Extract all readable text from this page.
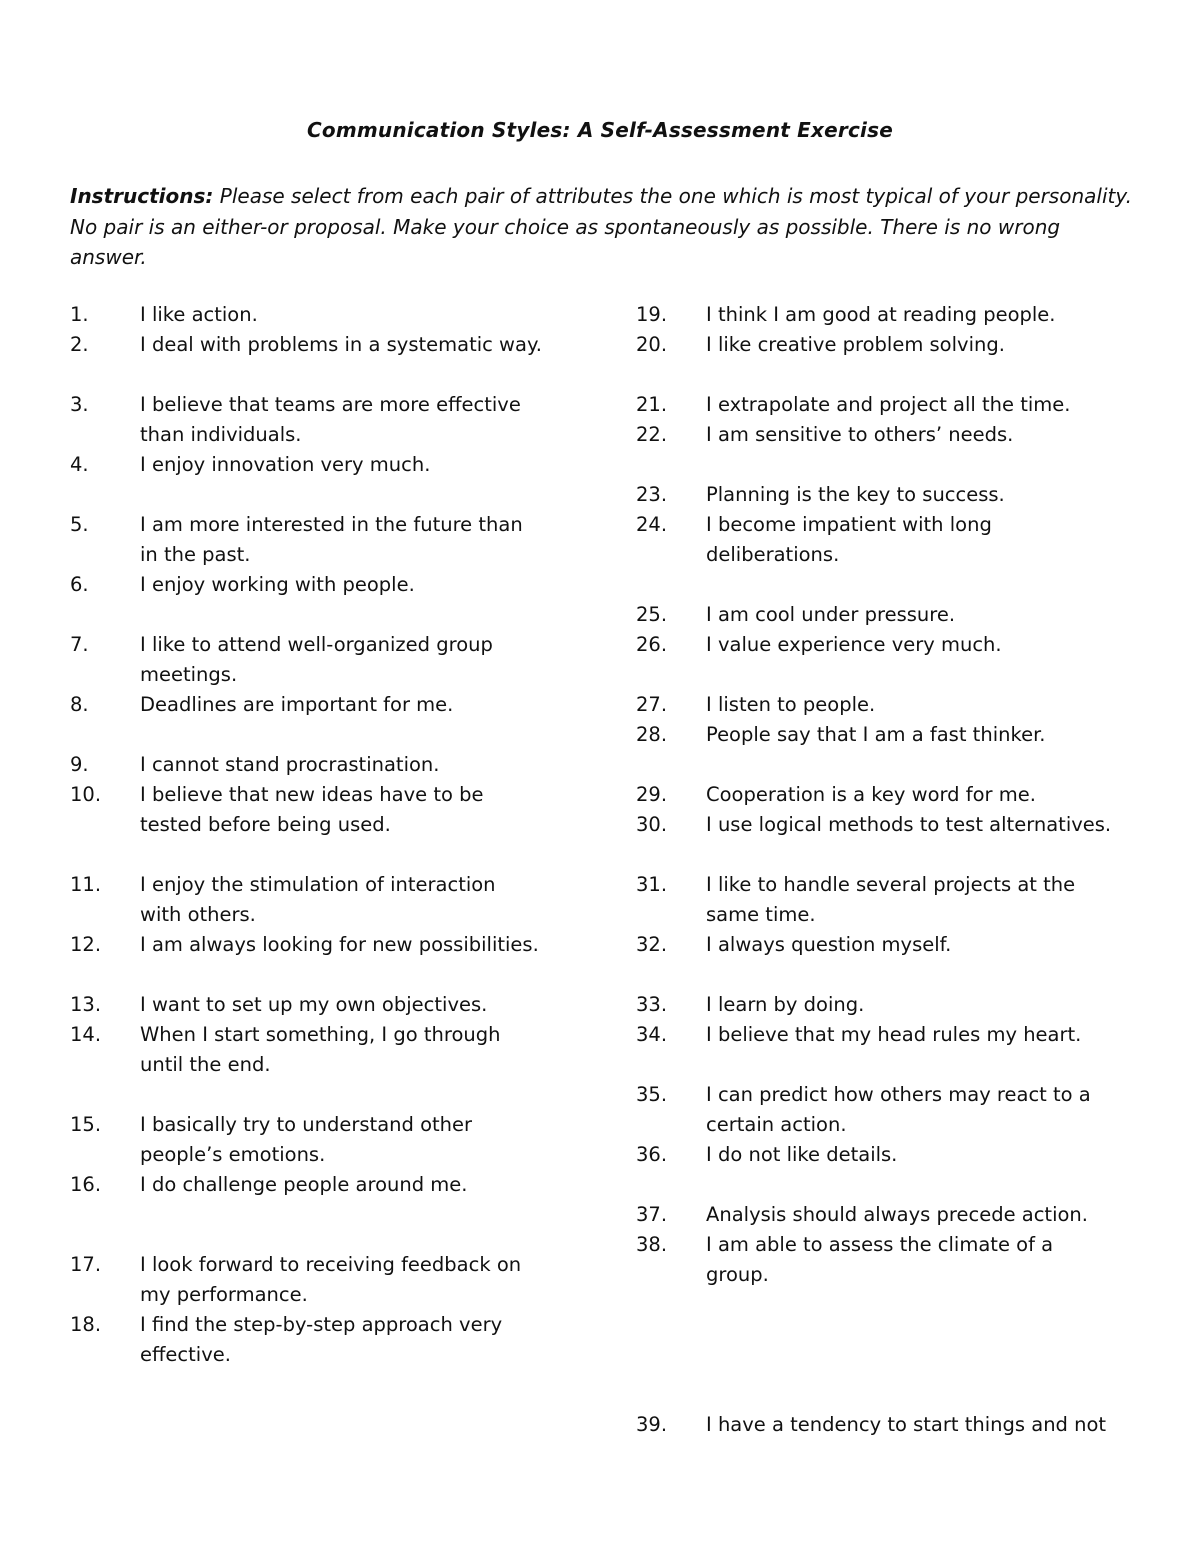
Communication Styles: A Self-Assessment Exercise
Instructions: Please select from each pair of attributes the one which is most typical of your personality. No pair is an either-or proposal. Make your choice as spontaneously as possible. There is no wrong answer.
1.	I like action.
2.	I deal with problems in a systematic way.
3.	I believe that teams are more effective
than individuals.
4.	I enjoy innovation very much.
5.	I am more interested in the future than
in the past.
6.	I enjoy working with people.
7.	I like to attend well-organized group
meetings.
8.	Deadlines are important for me.
9.	I cannot stand procrastination.
10. I believe that new ideas have to be
tested before being used.
11. I enjoy the stimulation of interaction
with others.
12. I am always looking for new possibilities.
13. I want to set up my own objectives.
14. When I start something, I go through
until the end.
15. I basically try to understand other
people’s emotions.
16. I do challenge people around me.
17. I look forward to receiving feedback on
my performance.
18. I find the step-by-step approach very
effective.
19. I think I am good at reading people.
20. I like creative problem solving.
21. I extrapolate and project all the time.
22. I am sensitive to others’ needs.
23. Planning is the key to success.
24. I become impatient with long
deliberations.
25. I am cool under pressure.
26. I value experience very much.
27. I listen to people.
28. People say that I am a fast thinker.
29. Cooperation is a key word for me.
30. I use logical methods to test alternatives.
31. I like to handle several projects at the
same time.
32. I always question myself.
33. I learn by doing.
34. I believe that my head rules my heart.
35. I can predict how others may react to a
certain action.
36. I do not like details.
37. Analysis should always precede action.
38. I am able to assess the climate of a
group.
39. I have a tendency to start things and not
